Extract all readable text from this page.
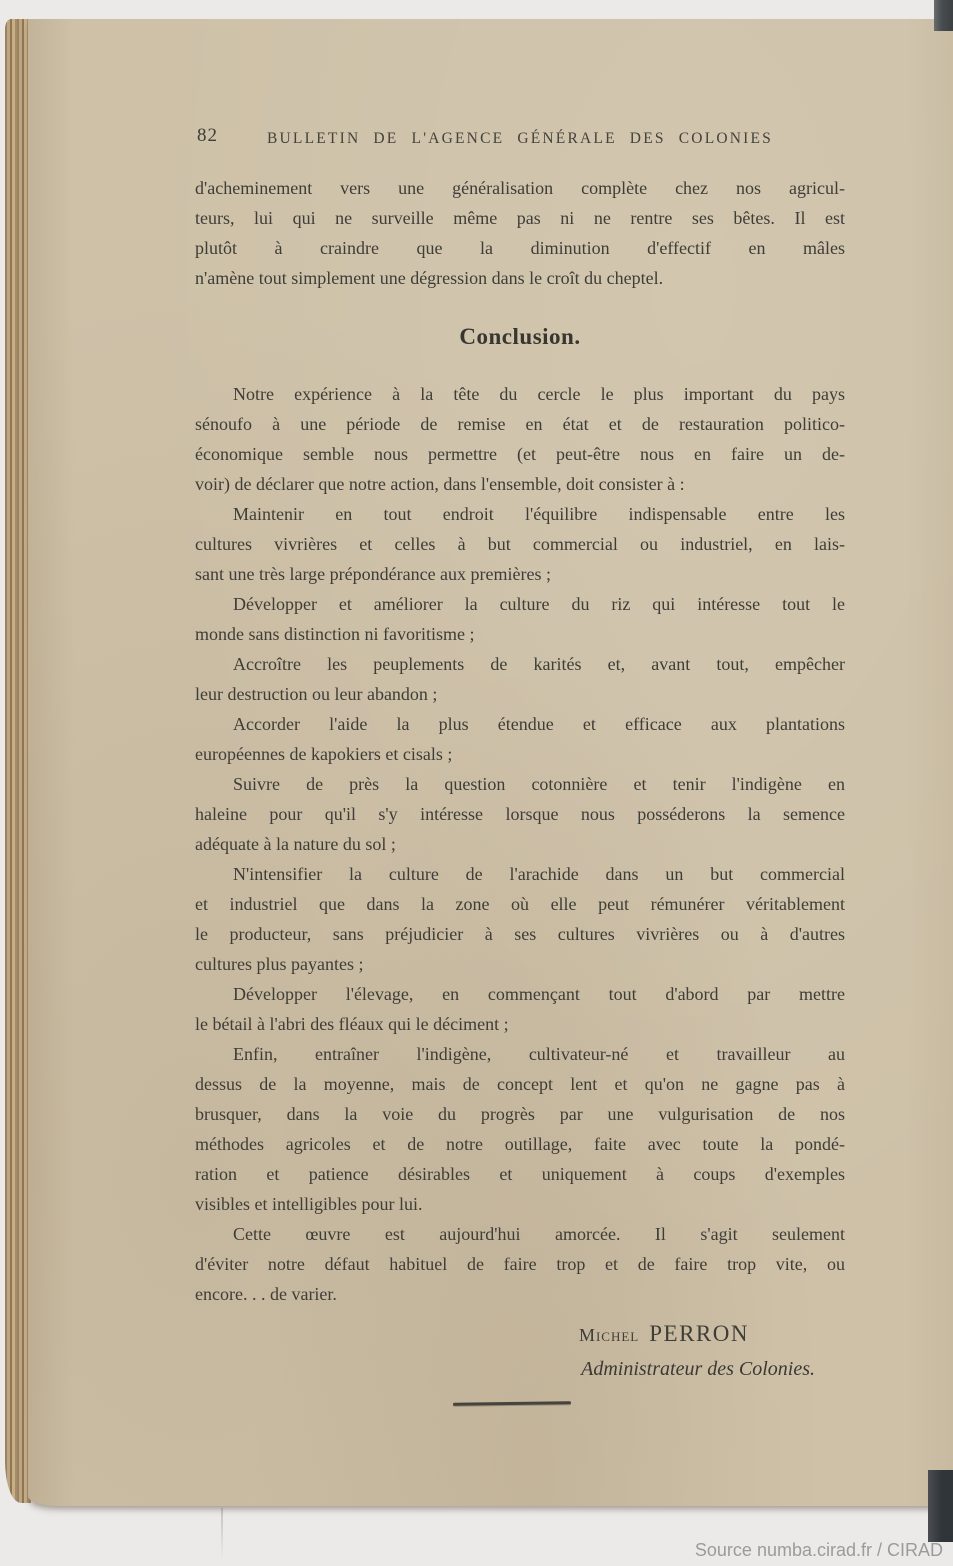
82	BULLETIN DE L'AGENCE GÉNÉRALE DES COLONIES
d'acheminement vers une généralisation complète chez nos agricul-
teurs, lui qui ne surveille même pas ni ne rentre ses bêtes. Il est
plutôt à craindre que la diminution d'effectif en mâles
n'amène tout simplement une dégression dans le croît du cheptel.
Conclusion.
Notre expérience à la tête du cercle le plus important du pays
sénoufo à une période de remise en état et de restauration politico-
économique semble nous permettre (et peut-être nous en faire un de-
voir) de déclarer que notre action, dans l'ensemble, doit consister à :
Maintenir en tout endroit l'équilibre indispensable entre les
cultures vivrières et celles à but commercial ou industriel, en lais-
sant une très large prépondérance aux premières ;
Développer et améliorer la culture du riz qui intéresse tout le
monde sans distinction ni favoritisme ;
Accroître les peuplements de karités et, avant tout, empêcher
leur destruction ou leur abandon ;
Accorder l'aide la plus étendue et efficace aux plantations
européennes de kapokiers et cisals ;
Suivre de près la question cotonnière et tenir l'indigène en
haleine pour qu'il s'y intéresse lorsque nous posséderons la semence
adéquate à la nature du sol ;
N'intensifier la culture de l'arachide dans un but commercial
et industriel que dans la zone où elle peut rémunérer véritablement
le producteur, sans préjudicier à ses cultures vivrières ou à d'autres
cultures plus payantes ;
Développer l'élevage, en commençant tout d'abord par mettre
le bétail à l'abri des fléaux qui le déciment ;
Enfin, entraîner l'indigène, cultivateur-né et travailleur au
dessus de la moyenne, mais de concept lent et qu'on ne gagne pas à
brusquer, dans la voie du progrès par une vulgurisation de nos
méthodes agricoles et de notre outillage, faite avec toute la pondé-
ration et patience désirables et uniquement à coups d'exemples
visibles et intelligibles pour lui.
Cette œuvre est aujourd'hui amorcée. Il s'agit seulement
d'éviter notre défaut habituel de faire trop et de faire trop vite, ou
encore. . . de varier.
Michel PERRON
Administrateur des Colonies.
Source numba.cirad.fr / CIRAD
